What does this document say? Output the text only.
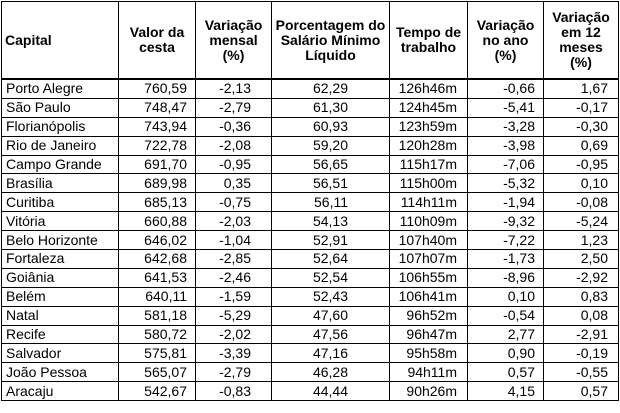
Capital	Valor da cesta	Variação mensal (%)	Porcentagem do Salário Mínimo Líquido	Tempo de trabalho	Variação no ano (%)	Variação em 12 meses (%)
Porto Alegre	760,59	-2,13	62,29	126h46m	-0,66	1,67
São Paulo	748,47	-2,79	61,30	124h45m	-5,41	-0,17
Florianópolis	743,94	-0,36	60,93	123h59m	-3,28	-0,30
Rio de Janeiro	722,78	-2,08	59,20	120h28m	-3,98	0,69
Campo Grande	691,70	-0,95	56,65	115h17m	-7,06	-0,95
Brasília	689,98	0,35	56,51	115h00m	-5,32	0,10
Curitiba	685,13	-0,75	56,11	114h11m	-1,94	-0,08
Vitória	660,88	-2,03	54,13	110h09m	-9,32	-5,24
Belo Horizonte	646,02	-1,04	52,91	107h40m	-7,22	1,23
Fortaleza	642,68	-2,85	52,64	107h07m	-1,73	2,50
Goiânia	641,53	-2,46	52,54	106h55m	-8,96	-2,92
Belém	640,11	-1,59	52,43	106h41m	0,10	0,83
Natal	581,18	-5,29	47,60	96h52m	-0,54	0,08
Recife	580,72	-2,02	47,56	96h47m	2,77	-2,91
Salvador	575,81	-3,39	47,16	95h58m	0,90	-0,19
João Pessoa	565,07	-2,79	46,28	94h11m	0,57	-0,55
Aracaju	542,67	-0,83	44,44	90h26m	4,15	0,57
